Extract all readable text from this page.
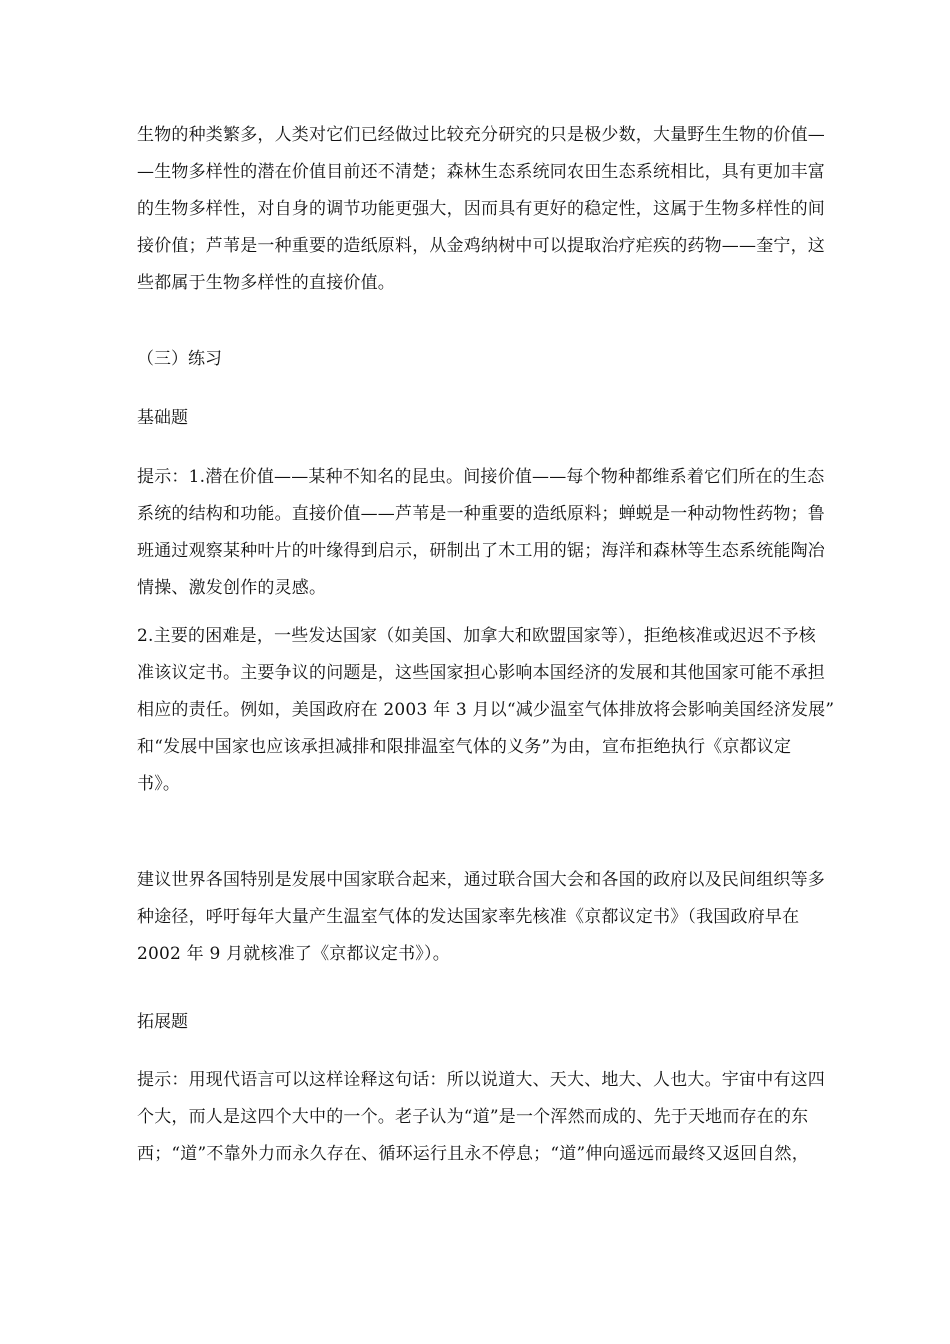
生物的种类繁多，人类对它们已经做过比较充分研究的只是极少数，大量野生生物的价值—
—生物多样性的潜在价值目前还不清楚；森林生态系统同农田生态系统相比，具有更加丰富
的生物多样性，对自身的调节功能更强大，因而具有更好的稳定性，这属于生物多样性的间
接价值；芦苇是一种重要的造纸原料，从金鸡纳树中可以提取治疗疟疾的药物——奎宁，这
些都属于生物多样性的直接价值。
（三）练习
基础题
提示：1.潜在价值——某种不知名的昆虫。间接价值——每个物种都维系着它们所在的生态
系统的结构和功能。直接价值——芦苇是一种重要的造纸原料；蝉蜕是一种动物性药物；鲁
班通过观察某种叶片的叶缘得到启示，研制出了木工用的锯；海洋和森林等生态系统能陶冶
情操、激发创作的灵感。
2.主要的困难是，一些发达国家（如美国、加拿大和欧盟国家等），拒绝核准或迟迟不予核
准该议定书。主要争议的问题是，这些国家担心影响本国经济的发展和其他国家可能不承担
相应的责任。例如，美国政府在 2003 年 3 月以“减少温室气体排放将会影响美国经济发展”
和“发展中国家也应该承担减排和限排温室气体的义务”为由，宣布拒绝执行《京都议定
书》。
建议世界各国特别是发展中国家联合起来，通过联合国大会和各国的政府以及民间组织等多
种途径，呼吁每年大量产生温室气体的发达国家率先核准《京都议定书》（我国政府早在
2002 年 9 月就核准了《京都议定书》）。
拓展题
提示：用现代语言可以这样诠释这句话：所以说道大、天大、地大、人也大。宇宙中有这四
个大，而人是这四个大中的一个。老子认为“道”是一个浑然而成的、先于天地而存在的东
西；“道”不靠外力而永久存在、循环运行且永不停息；“道”伸向遥远而最终又返回自然，
